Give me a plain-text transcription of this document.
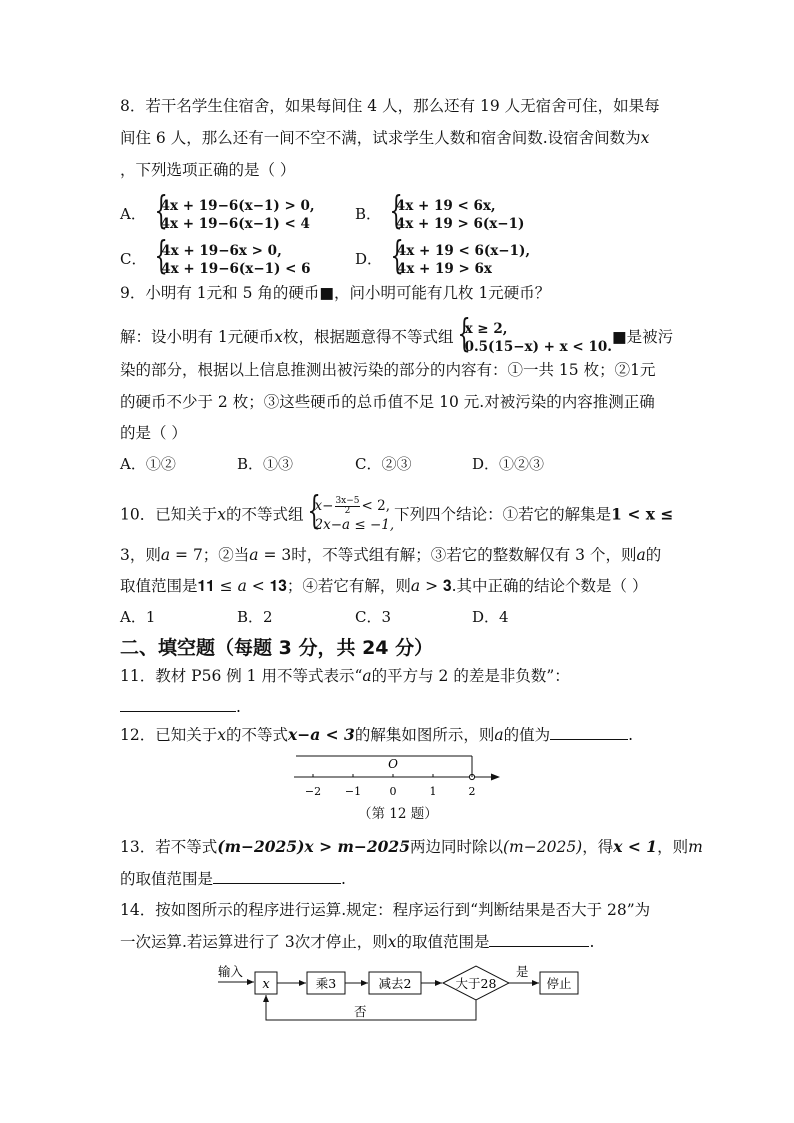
8．若干名学生住宿舍，如果每间住 4 人，那么还有 19 人无宿舍可住，如果每
间住 6 人，那么还有一间不空不满，试求学生人数和宿舍间数.设宿舍间数为x
，下列选项正确的是（ ）
A． { 4x + 19−6(x−1) > 0,
4x + 19−6(x−1) < 4
B． { 4x + 19 < 6x,
4x + 19 > 6(x−1)
C． { 4x + 19−6x > 0,
4x + 19−6(x−1) < 6
D． { 4x + 19 < 6(x−1),
4x + 19 > 6x
9．小明有 1元和 5 角的硬币■，问小明可能有几枚 1元硬币？
解：设小明有 1元硬币x枚，根据题意得不等式组 { x ≥ 2,
0.5(15−x) + x < 10.
■是被污
染的部分，根据以上信息推测出被污染的部分的内容有：①一共 15 枚；②1元
的硬币不少于 2 枚；③这些硬币的总币值不足 10 元.对被污染的内容推测正确
的是（ ）
A．①②	B．①③	C．②③	D．①②③
10．已知关于x的不等式组 { $x- \frac{3x-5}{2} < 2$,
2x−a ≤ −1,
下列四个结论：①若它的解集是1 < x ≤
3，则𝑎 = 7；②当𝑎 = 3时，不等式组有解；③若它的整数解仅有 3 个，则𝑎的
取值范围是𝟏𝟏 ≤ 𝑎 < 𝟏𝟑；④若它有解，则𝑎 > 𝟑.其中正确的结论个数是（ ）
A．1	B．2	C．3	D．4
二、填空题（每题 3 分，共 24 分）
11．教材 P56 例 1 用不等式表示“𝑎的平方与 2 的差是非负数”：
.
12．已知关于x的不等式x−a < 3的解集如图所示，则a的值为	.
O
−2 −1	0	1	2
（第 12 题）
13．若不等式(m−2025)x > m−2025两边同时除以(m−2025)，得x < 1，则m
的取值范围是	.
14．按如图所示的程序进行运算.规定：程序运行到“判断结果是否大于 28”为
一次运算.若运算进行了 3次才停止，则x的取值范围是	.
输入
x	乘3	减去2	大于28
是
停止
否
